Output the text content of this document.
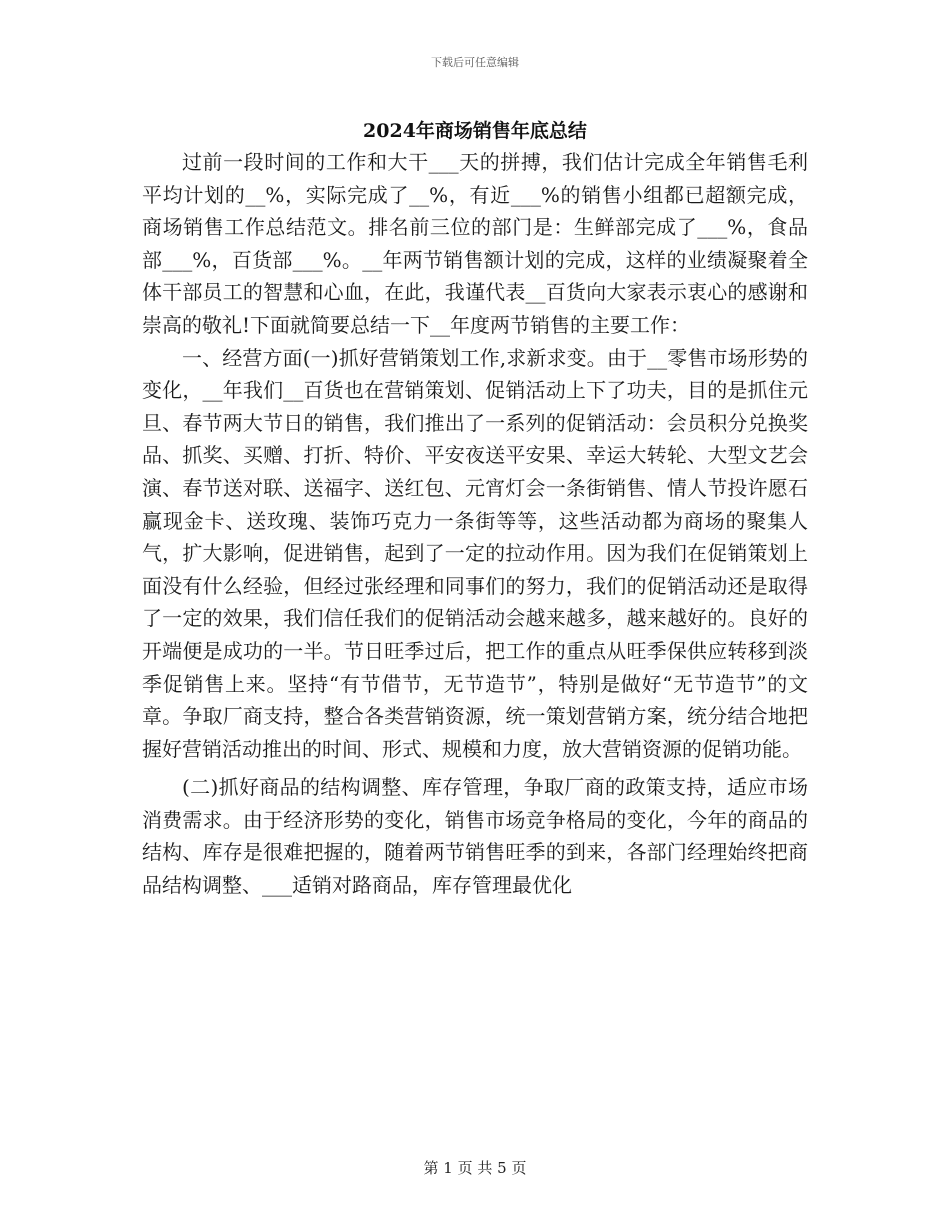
下载后可任意编辑
2024年商场销售年底总结

过前一段时间的工作和大干___天的拼搏，我们估计完成全年销售毛利平均计划的__%，实际完成了__%，有近___%的销售小组都已超额完成，商场销售工作总结范文。排名前三位的部门是：生鲜部完成了___%，食品部___%，百货部___%。__年两节销售额计划的完成，这样的业绩凝聚着全体干部员工的智慧和心血，在此，我谨代表__百货向大家表示衷心的感谢和崇高的敬礼!下面就简要总结一下__年度两节销售的主要工作：

一、经营方面(一)抓好营销策划工作,求新求变。由于__零售市场形势的变化，__年我们__百货也在营销策划、促销活动上下了功夫，目的是抓住元旦、春节两大节日的销售，我们推出了一系列的促销活动：会员积分兑换奖品、抓奖、买赠、打折、特价、平安夜送平安果、幸运大转轮、大型文艺会演、春节送对联、送福字、送红包、元宵灯会一条街销售、情人节投许愿石赢现金卡、送玫瑰、装饰巧克力一条街等等，这些活动都为商场的聚集人气，扩大影响，促进销售，起到了一定的拉动作用。因为我们在促销策划上面没有什么经验，但经过张经理和同事们的努力，我们的促销活动还是取得了一定的效果，我们信任我们的促销活动会越来越多，越来越好的。良好的开端便是成功的一半。节日旺季过后，把工作的重点从旺季保供应转移到淡季促销售上来。坚持“有节借节，无节造节”，特别是做好“无节造节”的文章。争取厂商支持，整合各类营销资源，统一策划营销方案，统分结合地把握好营销活动推出的时间、形式、规模和力度，放大营销资源的促销功能。

(二)抓好商品的结构调整、库存管理，争取厂商的政策支持，适应市场消费需求。由于经济形势的变化，销售市场竞争格局的变化，今年的商品的结构、库存是很难把握的，随着两节销售旺季的到来，各部门经理始终把商品结构调整、___适销对路商品，库存管理最优化

第 1 页 共 5 页
